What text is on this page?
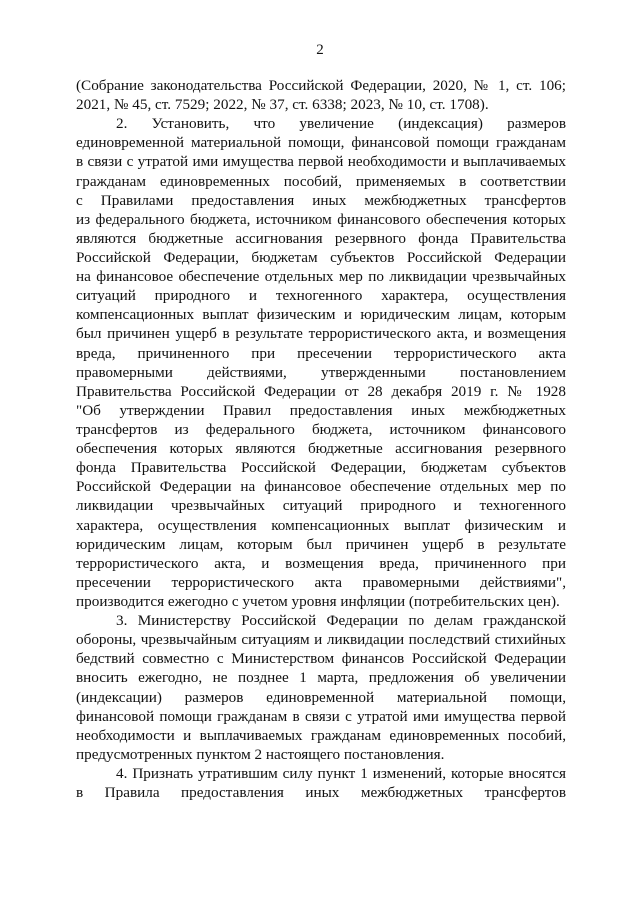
2
(Собрание законодательства Российской Федерации, 2020, № 1, ст. 106;
2021, № 45, ст. 7529; 2022, № 37, ст. 6338; 2023, № 10, ст. 1708).
2. Установить, что увеличение (индексация) размеров
единовременной материальной помощи, финансовой помощи гражданам
в связи с утратой ими имущества первой необходимости и выплачиваемых
гражданам единовременных пособий, применяемых в соответствии
с Правилами предоставления иных межбюджетных трансфертов
из федерального бюджета, источником финансового обеспечения которых
являются бюджетные ассигнования резервного фонда Правительства
Российской Федерации, бюджетам субъектов Российской Федерации
на финансовое обеспечение отдельных мер по ликвидации чрезвычайных
ситуаций природного и техногенного характера, осуществления
компенсационных выплат физическим и юридическим лицам, которым
был причинен ущерб в результате террористического акта, и возмещения
вреда, причиненного при пресечении террористического акта
правомерными действиями, утвержденными постановлением
Правительства Российской Федерации от 28 декабря 2019 г. № 1928
"Об утверждении Правил предоставления иных межбюджетных
трансфертов из федерального бюджета, источником финансового
обеспечения которых являются бюджетные ассигнования резервного
фонда Правительства Российской Федерации, бюджетам субъектов
Российской Федерации на финансовое обеспечение отдельных мер по
ликвидации чрезвычайных ситуаций природного и техногенного
характера, осуществления компенсационных выплат физическим и
юридическим лицам, которым был причинен ущерб в результате
террористического акта, и возмещения вреда, причиненного при
пресечении террористического акта правомерными действиями",
производится ежегодно с учетом уровня инфляции (потребительских цен).
3. Министерству Российской Федерации по делам гражданской
обороны, чрезвычайным ситуациям и ликвидации последствий стихийных
бедствий совместно с Министерством финансов Российской Федерации
вносить ежегодно, не позднее 1 марта, предложения об увеличении
(индексации) размеров единовременной материальной помощи,
финансовой помощи гражданам в связи с утратой ими имущества первой
необходимости и выплачиваемых гражданам единовременных пособий,
предусмотренных пунктом 2 настоящего постановления.
4. Признать утратившим силу пункт 1 изменений, которые вносятся
в Правила предоставления иных межбюджетных трансфертов
